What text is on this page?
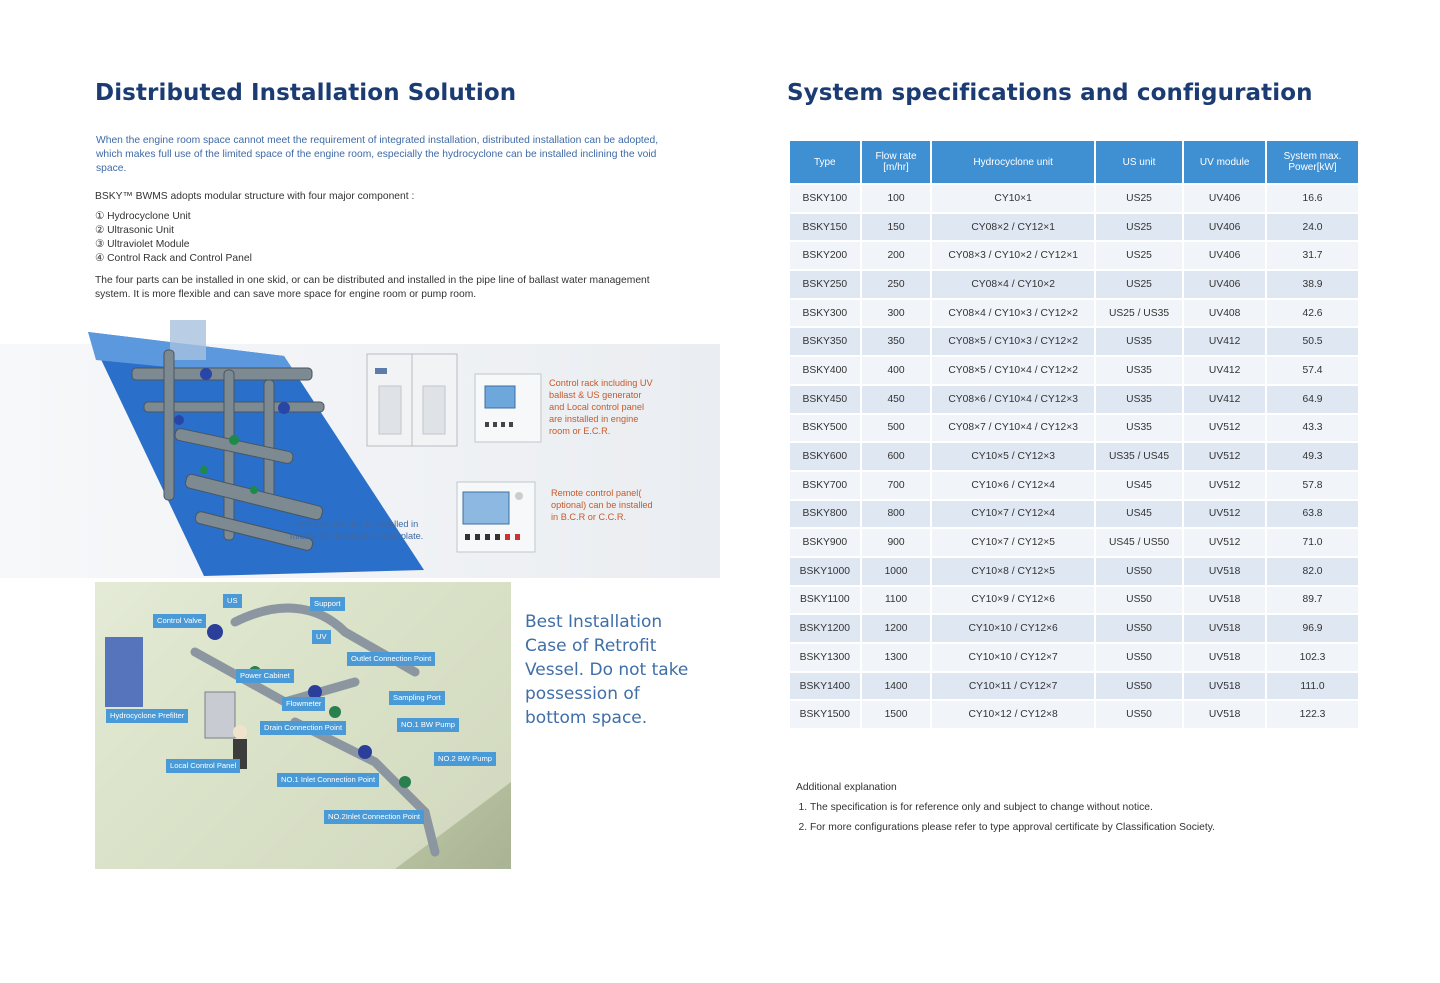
Distributed Installation Solution
When the engine room space cannot meet the requirement of integrated installation, distributed installation can be adopted, which makes full use of the limited space of the engine room, especially the hydrocyclone can be installed inclining the void space.
BSKY™ BWMS adopts modular structure with four major component :
① Hydrocyclone Unit
② Ultrasonic Unit
③ Ultraviolet Module
④ Control Rack and Control Panel
The four parts can be installed in one skid, or can be distributed and installed in the pipe line of ballast water management system. It is more flexible and can save more space for engine room or pump room.
Control rack including UV ballast & US generator and Local control panel are installed in engine room or E.C.R.
Remote control panel( optional) can be installed in B.C.R or C.C.R.
Hydrocyclone unit is installed in middle of the frame of side plate.
US	Support
Control Valve
UV
Outlet Connection Point
Power Cabinet
Sampling Port
Flowmeter
Hydrocyclone Prefilter
NO.1 BW Pump
Drain Connection Point
NO.2 BW Pump
Local Control Panel
NO.1 Inlet Connection Point
NO.2Inlet Connection Point
Best Installation Case of Retrofit Vessel. Do not take possession of bottom space.
System specifications and configuration
Type	Flow rate [m/hr]	Hydrocyclone unit	US unit	UV module	System max. Power[kW]
BSKY100	100	CY10×1	US25	UV406	16.6
BSKY150	150	CY08×2 / CY12×1	US25	UV406	24.0
BSKY200	200	CY08×3 / CY10×2 / CY12×1	US25	UV406	31.7
BSKY250	250	CY08×4 / CY10×2	US25	UV406	38.9
BSKY300	300	CY08×4 / CY10×3 / CY12×2	US25 / US35	UV408	42.6
BSKY350	350	CY08×5 / CY10×3 / CY12×2	US35	UV412	50.5
BSKY400	400	CY08×5 / CY10×4 / CY12×2	US35	UV412	57.4
BSKY450	450	CY08×6 / CY10×4 / CY12×3	US35	UV412	64.9
BSKY500	500	CY08×7 / CY10×4 / CY12×3	US35	UV512	43.3
BSKY600	600	CY10×5 / CY12×3	US35 / US45	UV512	49.3
BSKY700	700	CY10×6 / CY12×4	US45	UV512	57.8
BSKY800	800	CY10×7 / CY12×4	US45	UV512	63.8
BSKY900	900	CY10×7 / CY12×5	US45 / US50	UV512	71.0
BSKY1000	1000	CY10×8 / CY12×5	US50	UV518	82.0
BSKY1100	1100	CY10×9 / CY12×6	US50	UV518	89.7
BSKY1200	1200	CY10×10 / CY12×6	US50	UV518	96.9
BSKY1300	1300	CY10×10 / CY12×7	US50	UV518	102.3
BSKY1400	1400	CY10×11 / CY12×7	US50	UV518	111.0
BSKY1500	1500	CY10×12 / CY12×8	US50	UV518	122.3
Additional explanation
1. The specification is for reference only and subject to change without notice.
2. For more configurations please refer to type approval certificate by Classification Society.
